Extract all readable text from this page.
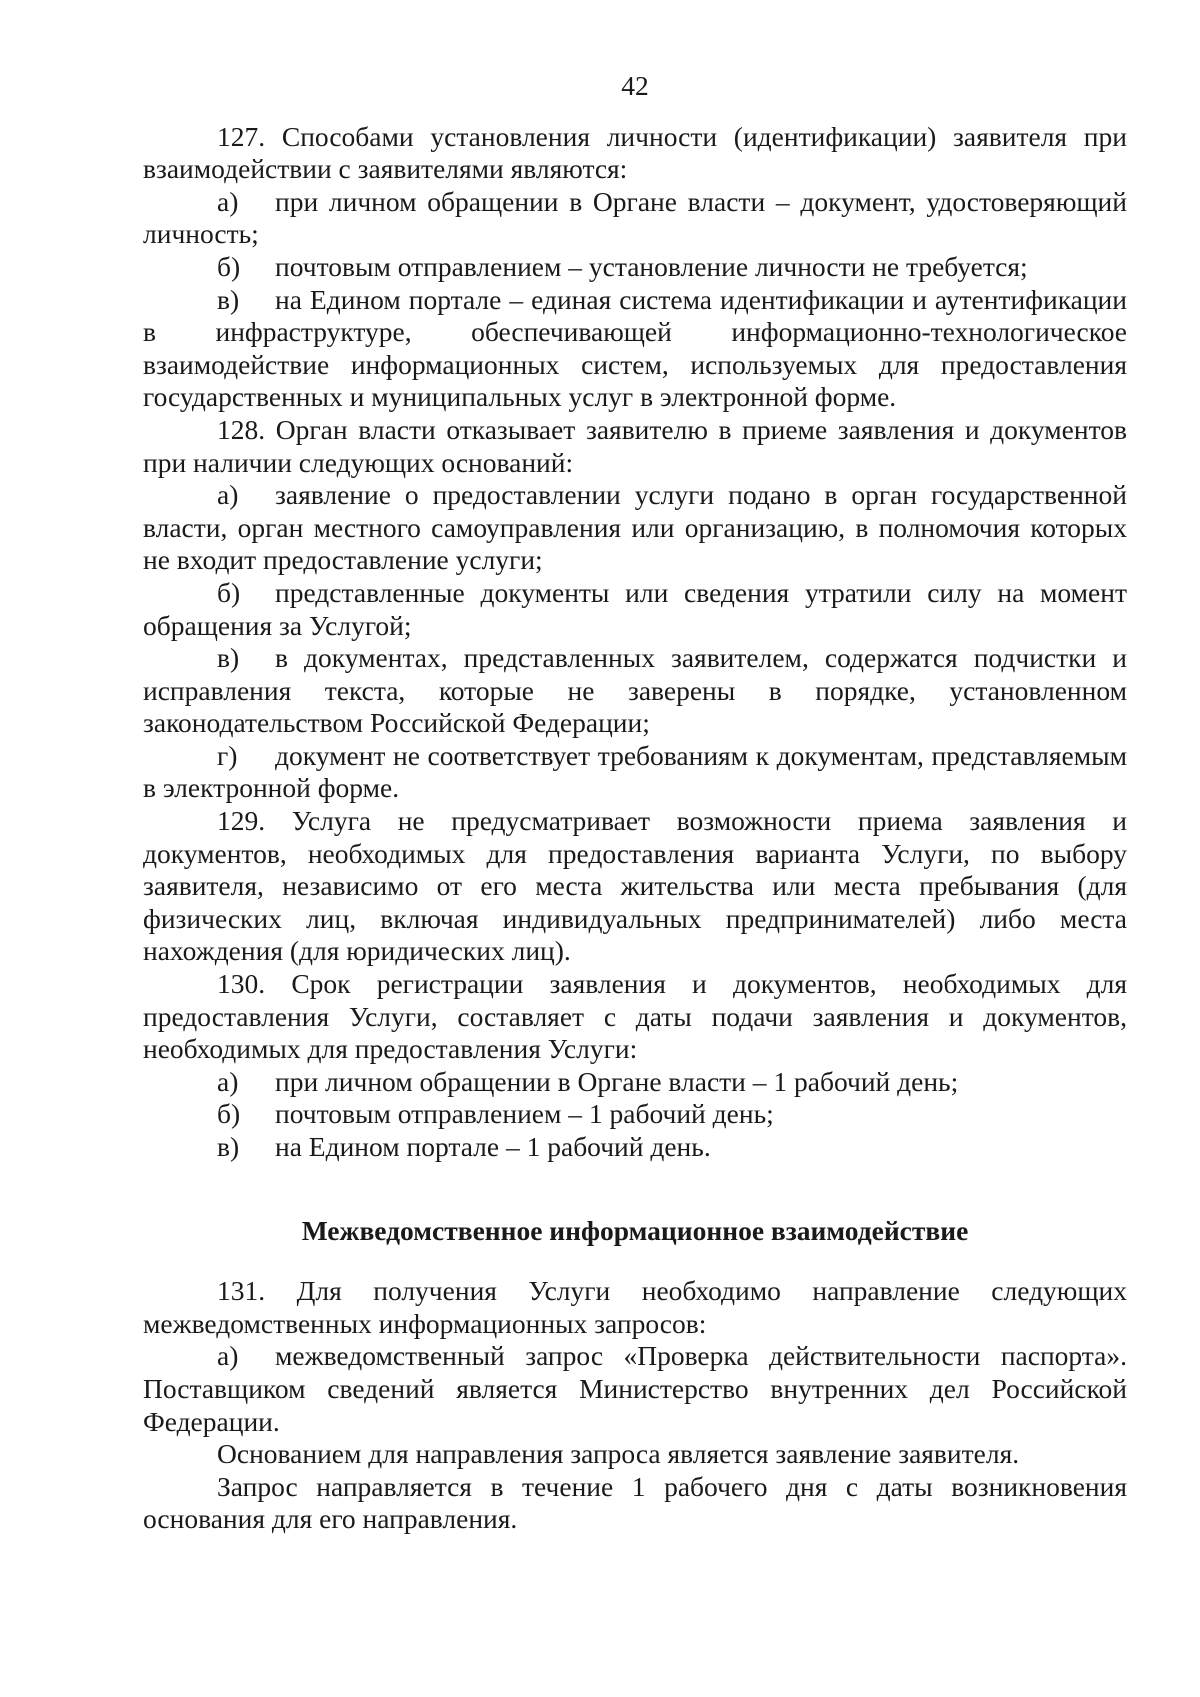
42

127. Способами установления личности (идентификации) заявителя при взаимодействии с заявителями являются:

а) при личном обращении в Органе власти – документ, удостоверяющий личность;

б) почтовым отправлением – установление личности не требуется;

в) на Едином портале – единая система идентификации и аутентификации в инфраструктуре, обеспечивающей информационно-технологическое взаимодействие информационных систем, используемых для предоставления государственных и муниципальных услуг в электронной форме.

128. Орган власти отказывает заявителю в приеме заявления и документов при наличии следующих оснований:

а) заявление о предоставлении услуги подано в орган государственной власти, орган местного самоуправления или организацию, в полномочия которых не входит предоставление услуги;

б) представленные документы или сведения утратили силу на момент обращения за Услугой;

в) в документах, представленных заявителем, содержатся подчистки и исправления текста, которые не заверены в порядке, установленном законодательством Российской Федерации;

г) документ не соответствует требованиям к документам, представляемым в электронной форме.

129. Услуга не предусматривает возможности приема заявления и документов, необходимых для предоставления варианта Услуги, по выбору заявителя, независимо от его места жительства или места пребывания (для физических лиц, включая индивидуальных предпринимателей) либо места нахождения (для юридических лиц).

130. Срок регистрации заявления и документов, необходимых для предоставления Услуги, составляет с даты подачи заявления и документов, необходимых для предоставления Услуги:

а) при личном обращении в Органе власти – 1 рабочий день;

б) почтовым отправлением – 1 рабочий день;

в) на Едином портале – 1 рабочий день.

Межведомственное информационное взаимодействие

131. Для получения Услуги необходимо направление следующих межведомственных информационных запросов:

а) межведомственный запрос «Проверка действительности паспорта». Поставщиком сведений является Министерство внутренних дел Российской Федерации.

Основанием для направления запроса является заявление заявителя.

Запрос направляется в течение 1 рабочего дня с даты возникновения основания для его направления.
